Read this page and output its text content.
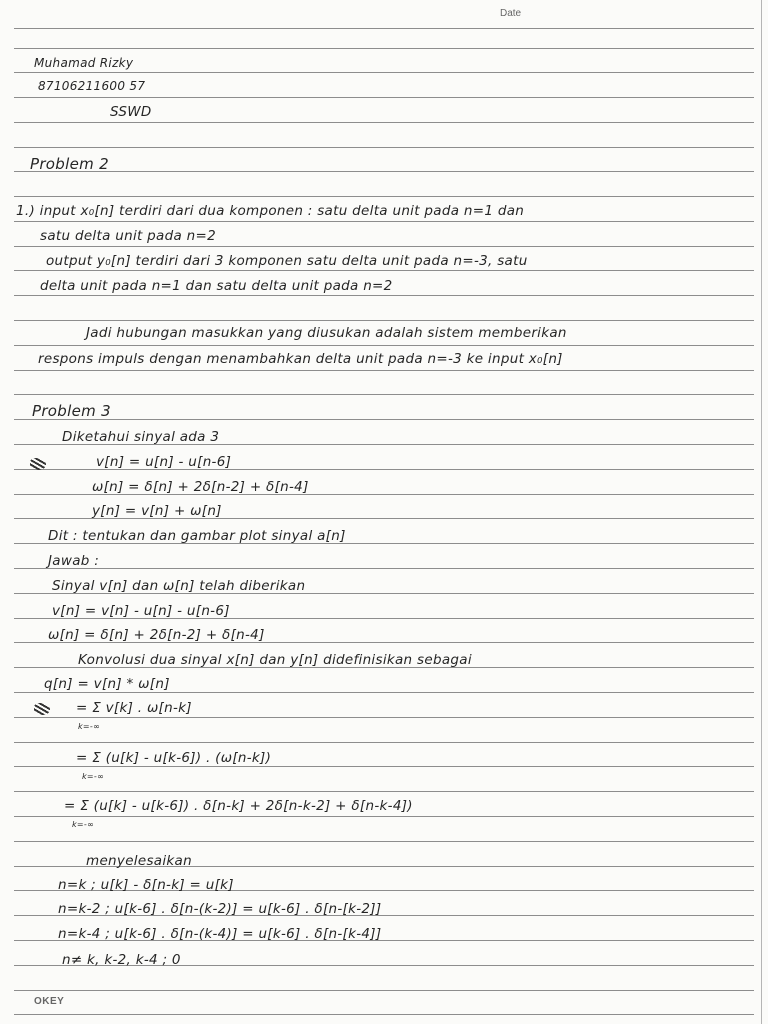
Date
Muhamad Rizky
87106211600 57
SSWD
Problem 2
1.) input x₀[n] terdiri dari dua komponen : satu delta unit pada n=1 dan
satu delta unit pada n=2
output y₀[n] terdiri dari 3 komponen satu delta unit pada n=-3, satu
delta unit pada n=1 dan satu delta unit pada n=2
Jadi hubungan masukkan yang diusukan adalah sistem memberikan
respons impuls dengan menambahkan delta unit pada n=-3 ke input x₀[n]
Problem 3
Diketahui sinyal ada 3
v[n] = u[n] - u[n-6]
ω[n] = δ[n] + 2δ[n-2] + δ[n-4]
y[n] = v[n] + ω[n]
Dit : tentukan dan gambar plot sinyal a[n]
Jawab :
Sinyal v[n] dan ω[n] telah diberikan
v[n] = v[n] - u[n] - u[n-6]
ω[n] = δ[n] + 2δ[n-2] + δ[n-4]
Konvolusi dua sinyal x[n] dan y[n] didefinisikan sebagai
q[n] = v[n] * ω[n]
= Σ v[k] . ω[n-k]
k=-∞
= Σ (u[k] - u[k-6]) . (ω[n-k])
k=-∞
= Σ (u[k] - u[k-6]) . δ[n-k] + 2δ[n-k-2] + δ[n-k-4])
k=-∞
menyelesaikan
n=k ; u[k] - δ[n-k] = u[k]
n=k-2 ; u[k-6] . δ[n-(k-2)] = u[k-6] . δ[n-[k-2]]
n=k-4 ; u[k-6] . δ[n-(k-4)] = u[k-6] . δ[n-[k-4]]
n≠ k, k-2, k-4 ; 0
OKEY
